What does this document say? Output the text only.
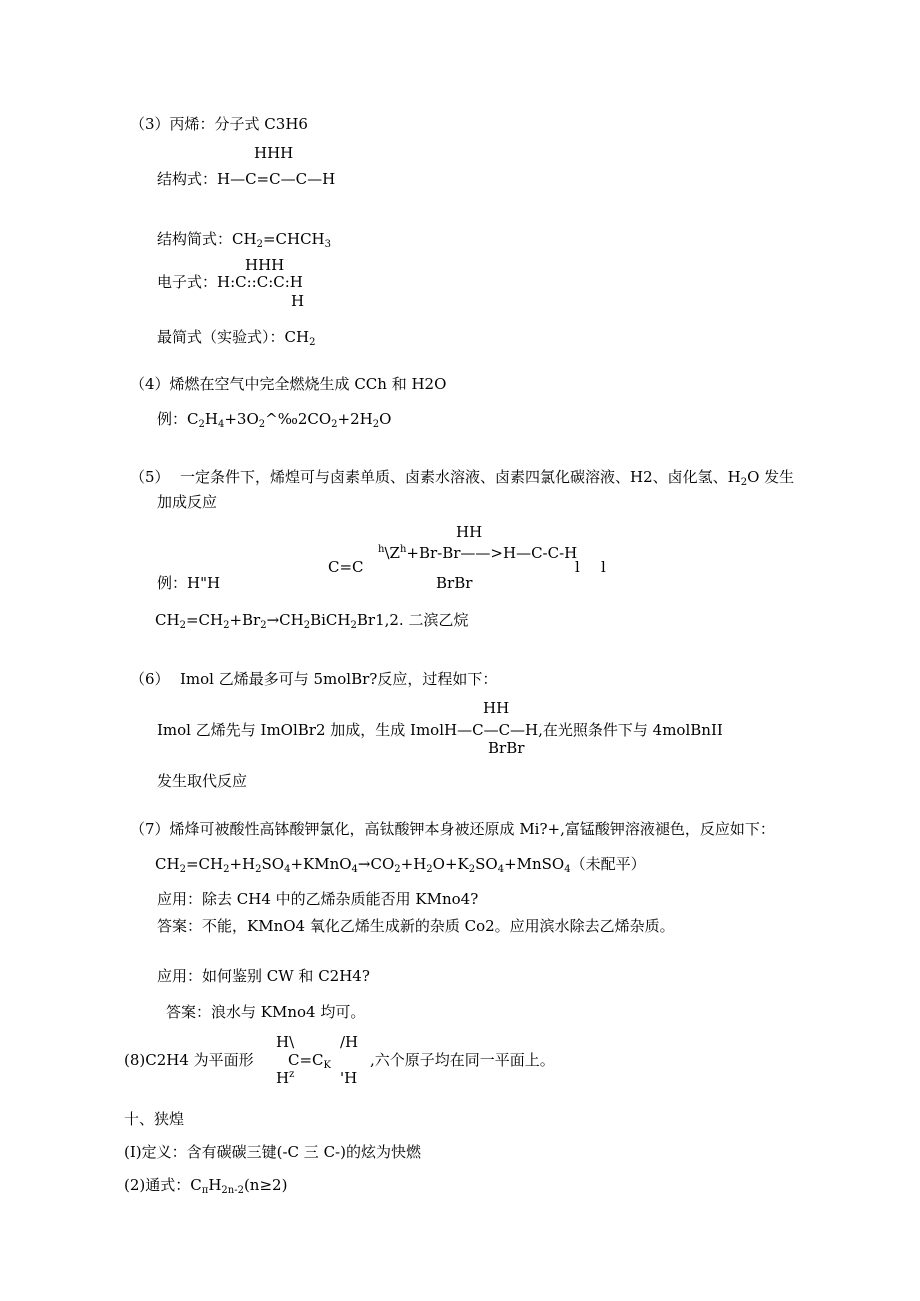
（3）丙烯：分子式 C3H6
HHH
结构式：H—C=C—C—H
结构简式：$CH_2=CHCH_3$
HHH
电子式：H:C::C:C:H
H
最简式（实验式）：$CH_2$
（4）烯燃在空气中完全燃烧生成 CCh 和 H2O
例：$C_2H_4+3O_2\^{}‰2CO_2+2H_2O$
（5） 一定条件下，烯煌可与卤素单质、卤素水溶液、卤素四氯化碳溶液、H2、卤化氢、$H_2O$ 发生
加成反应
HH
$^h\backslash Z^h+Br-Br——>H—C-C-H$
C=C	l l
例：H"H	BrBr
$CH_2=CH_2+Br_2\to CH_2BiCH_2Br1,2$. 二滨乙烷
（6） Imol 乙烯最多可与 5molBr?反应，过程如下：
HH
Imol 乙烯先与 ImOlBr2 加成，生成 ImolH—C—C—H,在光照条件下与 4molBnII
BrBr
发生取代反应
（7）烯烽可被酸性高钵酸钾氯化，高钛酸钾本身被还原成 Mi?+,富锰酸钾溶液褪色，反应如下：
$CH_2=CH_2+H_2SO_4+KMnO_4\to CO_2+H_2O+K_2SO_4+MnSO_4$（未配平）
应用：除去 CH4 中的乙烯杂质能否用 KMno4?
答案：不能，KMnO4 氧化乙烯生成新的杂质 Co2。应用滨水除去乙烯杂质。
应用：如何鉴别 CW 和 C2H4?
答案：浪水与 KMno4 均可。
H\	/H
(8)C2H4 为平面形 $C=C_K$	,六个原子均在同一平面上。
$H^z$	'H
十、狭煌
(I)定义：含有碳碳三键(-C 三 C-)的炫为快燃
(2)通式：$C_\pi H_{2n-2}(n\ge 2)$
